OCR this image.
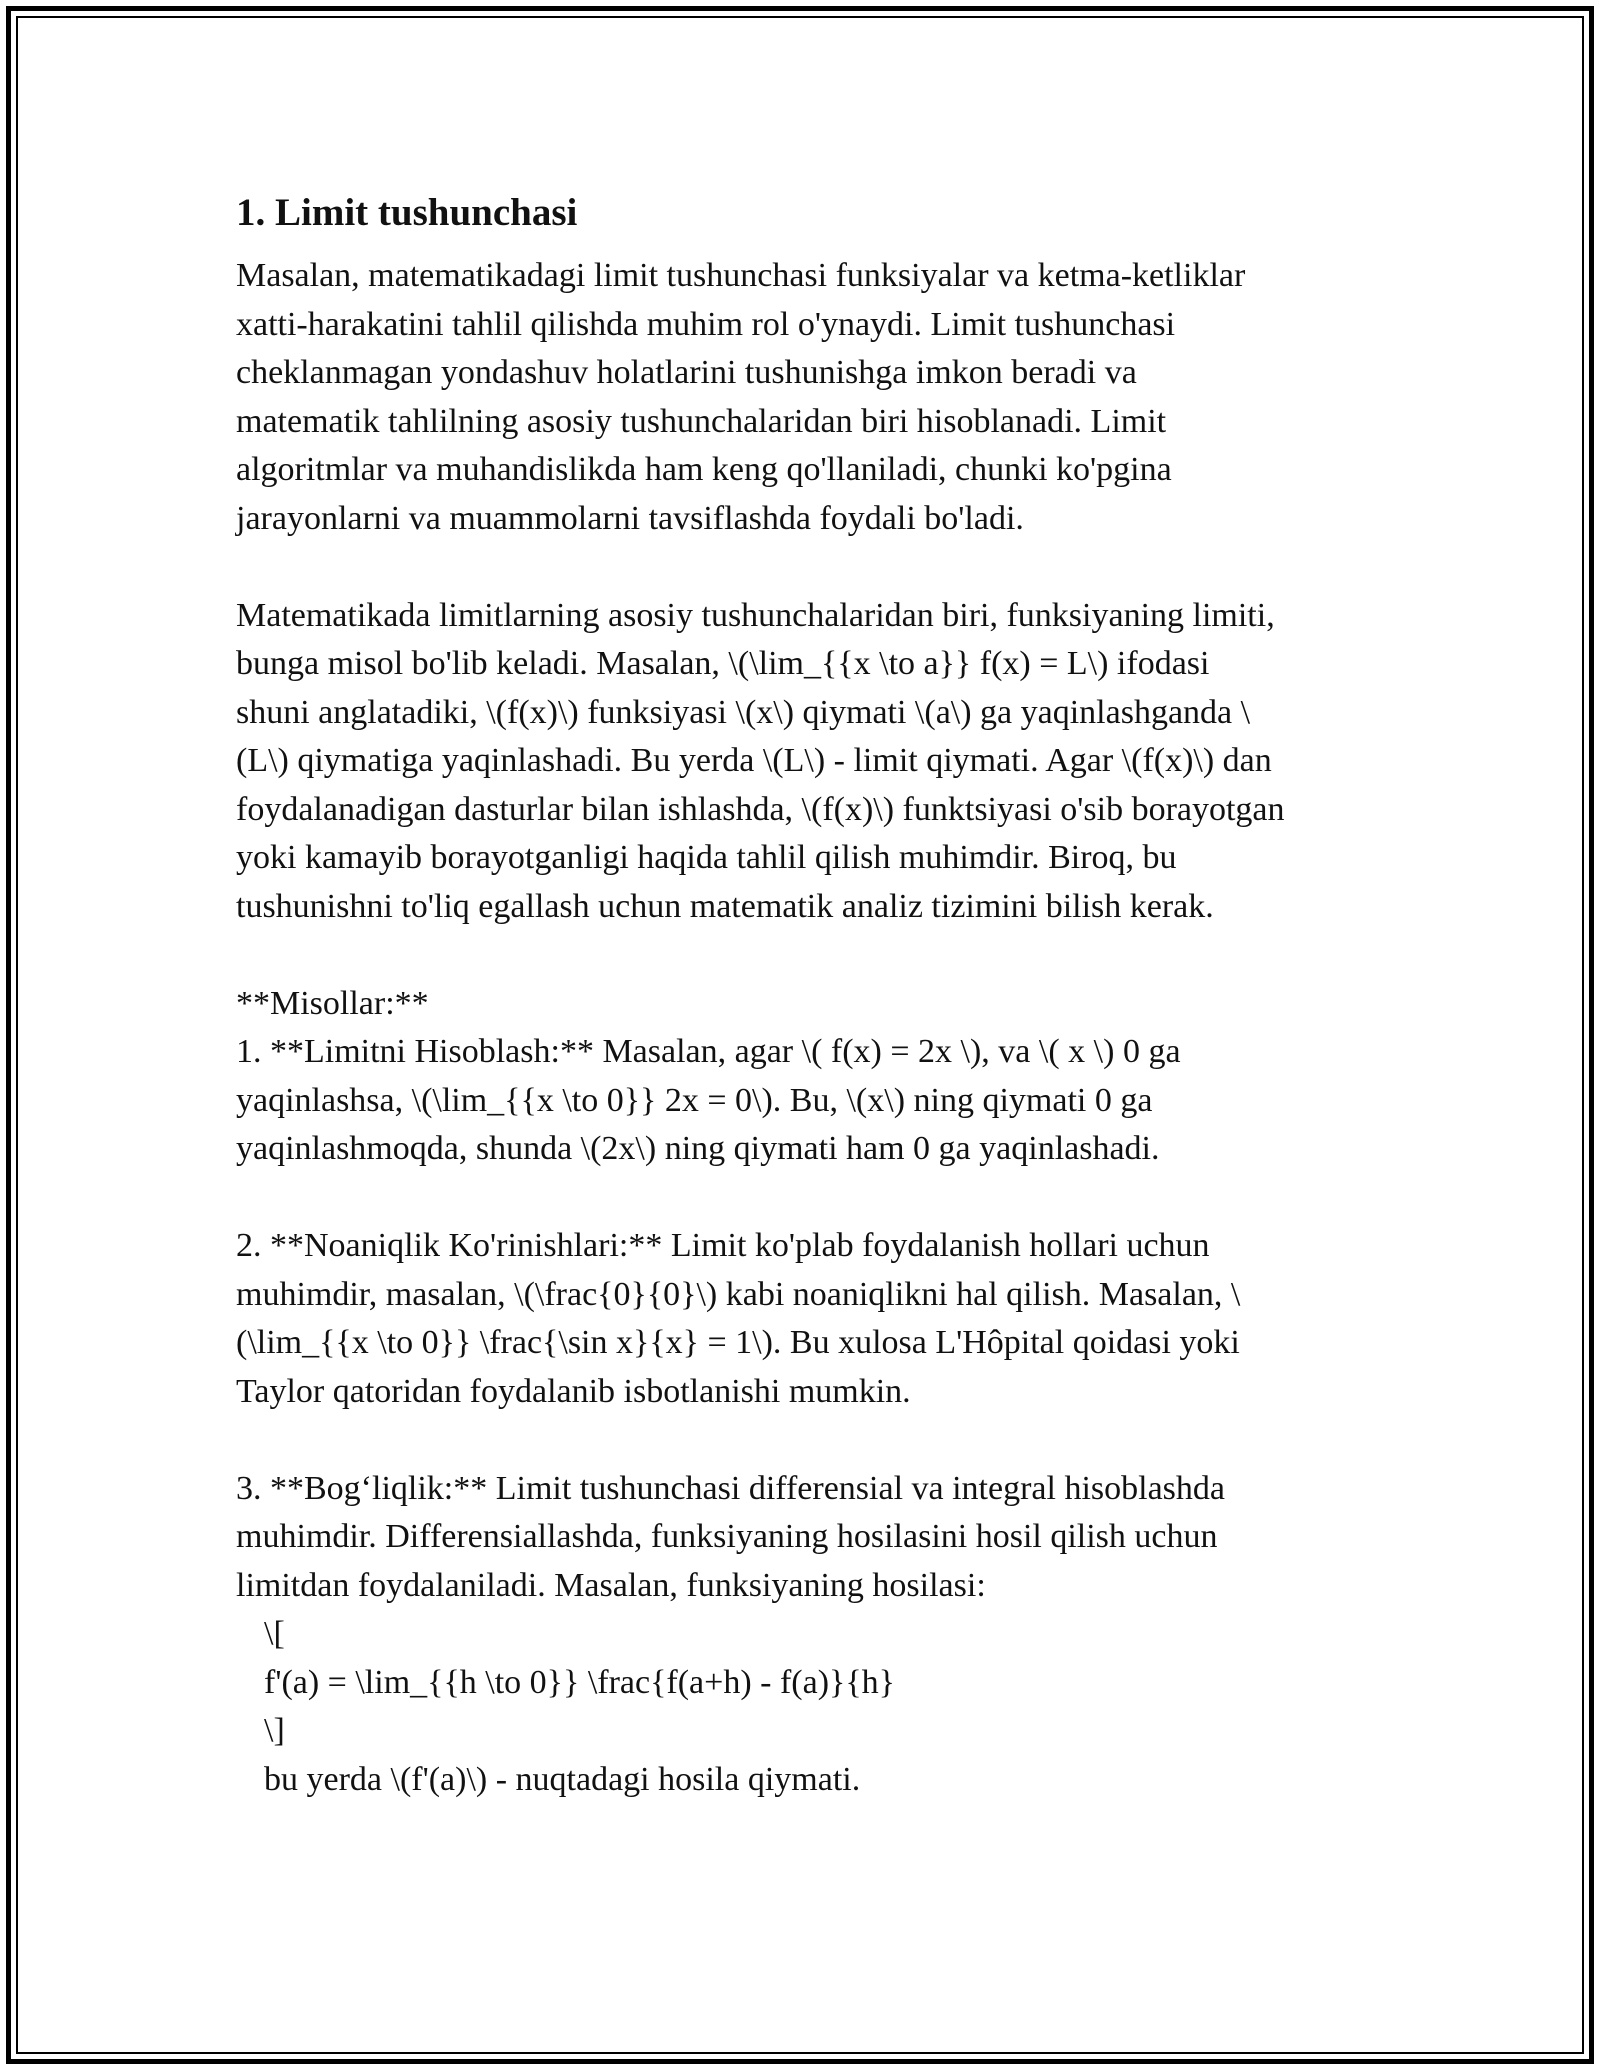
1. Limit tushunchasi

Masalan, matematikadagi limit tushunchasi funksiyalar va ketma-ketliklar
xatti-harakatini tahlil qilishda muhim rol o'ynaydi. Limit tushunchasi
cheklanmagan yondashuv holatlarini tushunishga imkon beradi va
matematik tahlilning asosiy tushunchalaridan biri hisoblanadi. Limit
algoritmlar va muhandislikda ham keng qo'llaniladi, chunki ko'pgina
jarayonlarni va muammolarni tavsiflashda foydali bo'ladi.

Matematikada limitlarning asosiy tushunchalaridan biri, funksiyaning limiti,
bunga misol bo'lib keladi. Masalan, \(\lim_{{x \to a}} f(x) = L\) ifodasi
shuni anglatadiki, \(f(x)\) funksiyasi \(x\) qiymati \(a\) ga yaqinlashganda \
(L\) qiymatiga yaqinlashadi. Bu yerda \(L\) - limit qiymati. Agar \(f(x)\) dan
foydalanadigan dasturlar bilan ishlashda, \(f(x)\) funktsiyasi o'sib borayotgan
yoki kamayib borayotganligi haqida tahlil qilish muhimdir. Biroq, bu
tushunishni to'liq egallash uchun matematik analiz tizimini bilish kerak.

**Misollar:**
1. **Limitni Hisoblash:** Masalan, agar \( f(x) = 2x \), va \( x \) 0 ga
yaqinlashsa, \(\lim_{{x \to 0}} 2x = 0\). Bu, \(x\) ning qiymati 0 ga
yaqinlashmoqda, shunda \(2x\) ning qiymati ham 0 ga yaqinlashadi.

2. **Noaniqlik Ko'rinishlari:** Limit ko'plab foydalanish hollari uchun
muhimdir, masalan, \(\frac{0}{0}\) kabi noaniqlikni hal qilish. Masalan, \
(\lim_{{x \to 0}} \frac{\sin x}{x} = 1\). Bu xulosa L'Hôpital qoidasi yoki
Taylor qatoridan foydalanib isbotlanishi mumkin.

3. **Bog‘liqlik:** Limit tushunchasi differensial va integral hisoblashda
muhimdir. Differensiallashda, funksiyaning hosilasini hosil qilish uchun
limitdan foydalaniladi. Masalan, funksiyaning hosilasi:

\[

f'(a) = \lim_{{h \to 0}} \frac{f(a+h) - f(a)}{h}

\]

bu yerda \(f'(a)\) - nuqtadagi hosila qiymati.
